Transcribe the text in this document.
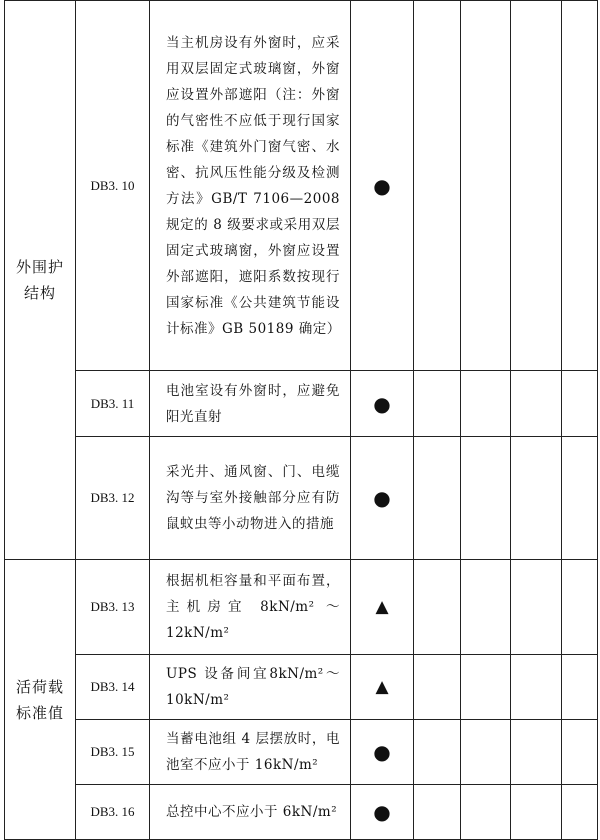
外围护
结构	DB3. 10	当主机房设有外窗时，应采用双层固定式玻璃窗，外窗应设置外部遮阳（注：外窗的气密性不应低于现行国家标准《建筑外门窗气密、水密、抗风压性能分级及检测方法》GB/T 7106—2008 规定的 8 级要求或采用双层固定式玻璃窗，外窗应设置外部遮阳，遮阳系数按现行国家标准《公共建筑节能设计标准》GB 50189 确定）	●				
	DB3. 11	电池室设有外窗时，应避免阳光直射	●				
	DB3. 12	采光井、通风窗、门、电缆沟等与室外接触部分应有防鼠蚊虫等小动物进入的措施	●				
活荷载
标准值	DB3. 13	根据机柜容量和平面布置，主机房宜 8kN/m² ～12kN/m²	▲				
	DB3. 14	UPS 设备间宜8kN/m²～10kN/m²	▲				
	DB3. 15	当蓄电池组 4 层摆放时，电池室不应小于 16kN/m²	●				
	DB3. 16	总控中心不应小于 6kN/m²	●				
